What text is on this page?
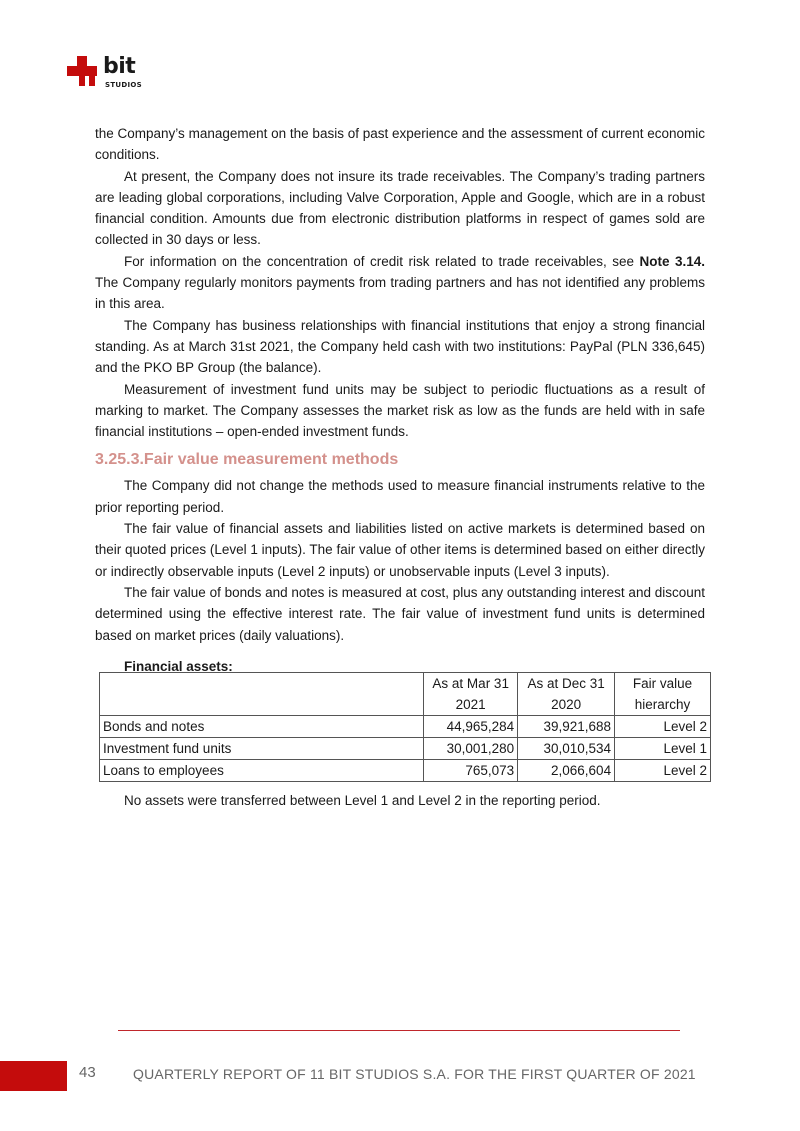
bit
STUDIOS

the Company’s management on the basis of past experience and the assessment of current economic conditions.

At present, the Company does not insure its trade receivables. The Company’s trading partners are leading global corporations, including Valve Corporation, Apple and Google, which are in a robust financial condition. Amounts due from electronic distribution platforms in respect of games sold are collected in 30 days or less.

For information on the concentration of credit risk related to trade receivables, see Note 3.14. The Company regularly monitors payments from trading partners and has not identified any problems in this area.

The Company has business relationships with financial institutions that enjoy a strong financial standing. As at March 31st 2021, the Company held cash with two institutions: PayPal (PLN 336,645) and the PKO BP Group (the balance).

Measurement of investment fund units may be subject to periodic fluctuations as a result of marking to market. The Company assesses the market risk as low as the funds are held with in safe financial institutions – open-ended investment funds.

3.25.3.Fair value measurement methods

The Company did not change the methods used to measure financial instruments relative to the prior reporting period.

The fair value of financial assets and liabilities listed on active markets is determined based on their quoted prices (Level 1 inputs). The fair value of other items is determined based on either directly or indirectly observable inputs (Level 2 inputs) or unobservable inputs (Level 3 inputs).

The fair value of bonds and notes is measured at cost, plus any outstanding interest and discount determined using the effective interest rate. The fair value of investment fund units is determined based on market prices (daily valuations).

Financial assets:
	As at Mar 31 2021	As at Dec 31 2020	Fair value hierarchy
Bonds and notes	44,965,284	39,921,688	Level 2
Investment fund units	30,001,280	30,010,534	Level 1
Loans to employees	765,073	2,066,604	Level 2
No assets were transferred between Level 1 and Level 2 in the reporting period.
43	QUARTERLY REPORT OF 11 BIT STUDIOS S.A. FOR THE FIRST QUARTER OF 2021
